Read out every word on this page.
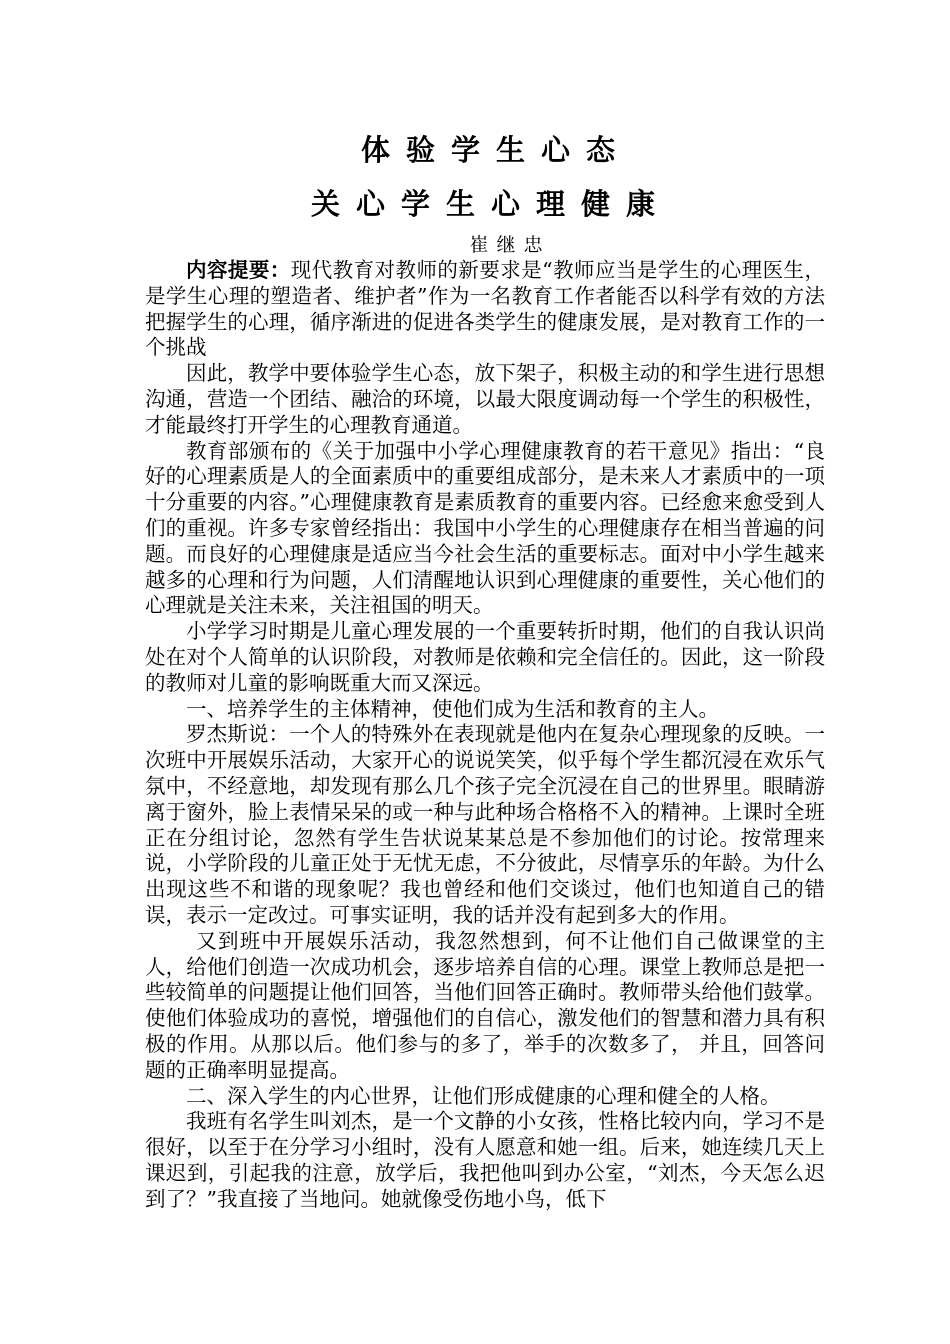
体验学生心态
关心学生心理健康
崔继忠

内容提要：现代教育对教师的新要求是“教师应当是学生的心理医生，是学生心理的塑造者、维护者”作为一名教育工作者能否以科学有效的方法把握学生的心理，循序渐进的促进各类学生的健康发展，是对教育工作的一个挑战

因此，教学中要体验学生心态，放下架子，积极主动的和学生进行思想沟通，营造一个团结、融洽的环境，以最大限度调动每一个学生的积极性，才能最终打开学生的心理教育通道。

教育部颁布的《关于加强中小学心理健康教育的若干意见》指出：“良好的心理素质是人的全面素质中的重要组成部分，是未来人才素质中的一项十分重要的内容。”心理健康教育是素质教育的重要内容。已经愈来愈受到人们的重视。许多专家曾经指出：我国中小学生的心理健康存在相当普遍的问题。而良好的心理健康是适应当今社会生活的重要标志。面对中小学生越来越多的心理和行为问题，人们清醒地认识到心理健康的重要性，关心他们的心理就是关注未来，关注祖国的明天。

小学学习时期是儿童心理发展的一个重要转折时期，他们的自我认识尚处在对个人简单的认识阶段，对教师是依赖和完全信任的。因此，这一阶段的教师对儿童的影响既重大而又深远。

一、培养学生的主体精神，使他们成为生活和教育的主人。

罗杰斯说：一个人的特殊外在表现就是他内在复杂心理现象的反映。一次班中开展娱乐活动，大家开心的说说笑笑，似乎每个学生都沉浸在欢乐气氛中，不经意地，却发现有那么几个孩子完全沉浸在自己的世界里。眼睛游离于窗外，脸上表情呆呆的或一种与此种场合格格不入的精神。上课时全班正在分组讨论，忽然有学生告状说某某总是不参加他们的讨论。按常理来说，小学阶段的儿童正处于无忧无虑，不分彼此，尽情享乐的年龄。为什么出现这些不和谐的现象呢？我也曾经和他们交谈过，他们也知道自己的错误，表示一定改过。可事实证明，我的话并没有起到多大的作用。

又到班中开展娱乐活动，我忽然想到，何不让他们自己做课堂的主人，给他们创造一次成功机会，逐步培养自信的心理。课堂上教师总是把一些较简单的问题提让他们回答，当他们回答正确时。教师带头给他们鼓掌。使他们体验成功的喜悦，增强他们的自信心，激发他们的智慧和潜力具有积极的作用。从那以后。他们参与的多了，举手的次数多了， 并且，回答问题的正确率明显提高。

二、深入学生的内心世界，让他们形成健康的心理和健全的人格。

我班有名学生叫刘杰，是一个文静的小女孩，性格比较内向，学习不是很好，以至于在分学习小组时，没有人愿意和她一组。后来，她连续几天上课迟到，引起我的注意，放学后，我把他叫到办公室，“刘杰，今天怎么迟到了？”我直接了当地问。她就像受伤地小鸟，低下
